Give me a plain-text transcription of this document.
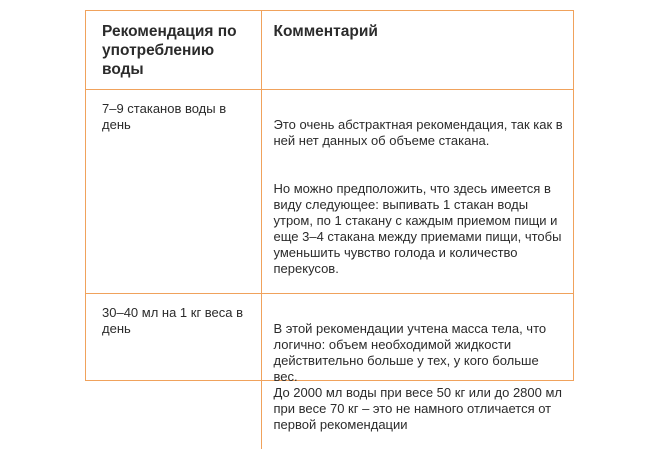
Рекомендация по употреблению воды	Комментарий

7–9 стаканов воды в день	Это очень абстрактная рекомендация, так как в ней нет данных об объеме стакана.

Но можно предположить, что здесь имеется в виду следующее: выпивать 1 стакан воды утром, по 1 стакану с каждым приемом пищи и еще 3–4 стакана между приемами пищи, чтобы уменьшить чувство голода и количество перекусов.

30–40 мл на 1 кг веса в день	В этой рекомендации учтена масса тела, что логично: объем необходимой жидкости действительно больше у тех, у кого больше вес.
До 2000 мл воды при весе 50 кг или до 2800 мл при весе 70 кг – это не намного отличается от первой рекомендации
